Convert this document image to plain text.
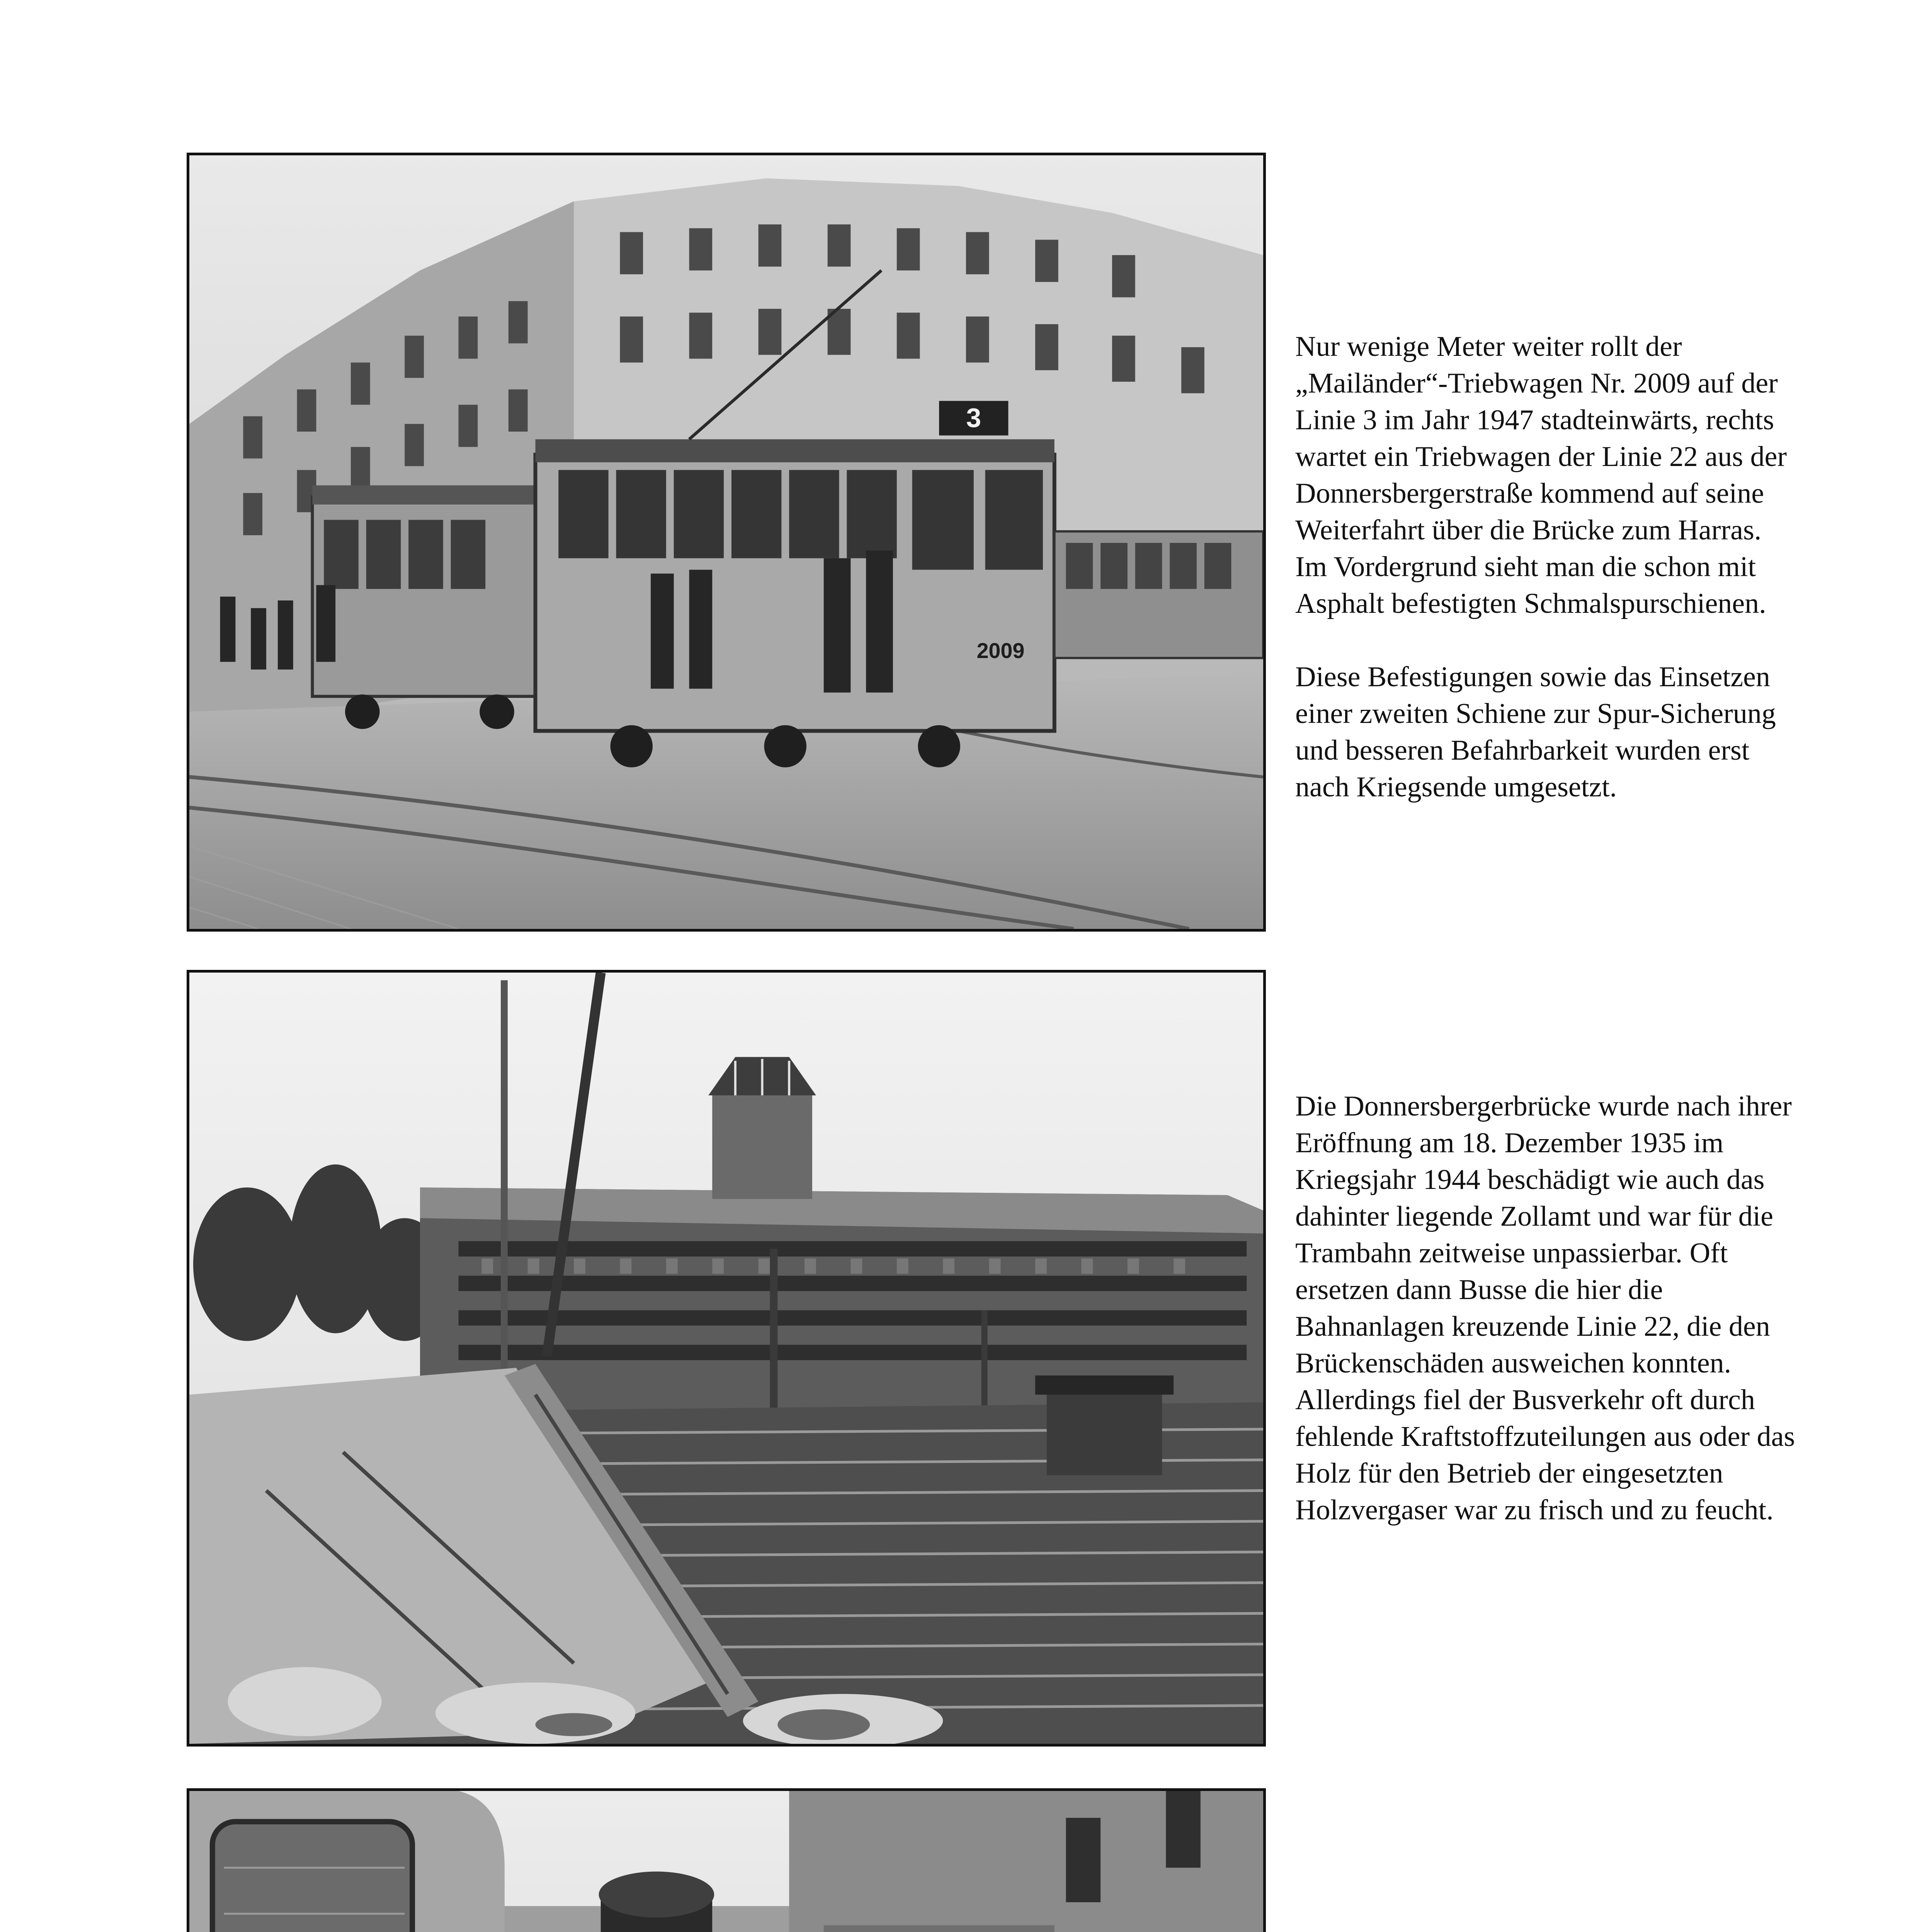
3
2009

Nur wenige Meter weiter rollt der „Mailänder“-Triebwagen Nr. 2009 auf der Linie 3 im Jahr 1947 stadteinwärts, rechts wartet ein Triebwagen der Linie 22 aus der Donnersbergerstraße kommend auf seine Weiterfahrt über die Brücke zum Harras. Im Vordergrund sieht man die schon mit Asphalt befestigten Schmalspurschienen.

Diese Befestigungen sowie das Einsetzen einer zweiten Schiene zur Spur-Sicherung und besseren Befahrbarkeit wurden erst nach Kriegsende umgesetzt.

Die Donnersbergerbrücke wurde nach ihrer Eröffnung am 18. Dezember 1935 im Kriegsjahr 1944 beschädigt wie auch das dahinter liegende Zollamt und war für die Trambahn zeitweise unpassierbar. Oft ersetzen dann Busse die hier die Bahnanlagen kreuzende Linie 22, die den Brückenschäden ausweichen konnten. Allerdings fiel der Busverkehr oft durch fehlende Kraftstoffzuteilungen aus oder das Holz für den Betrieb der eingesetzten Holzvergaser war zu frisch und zu feucht.
